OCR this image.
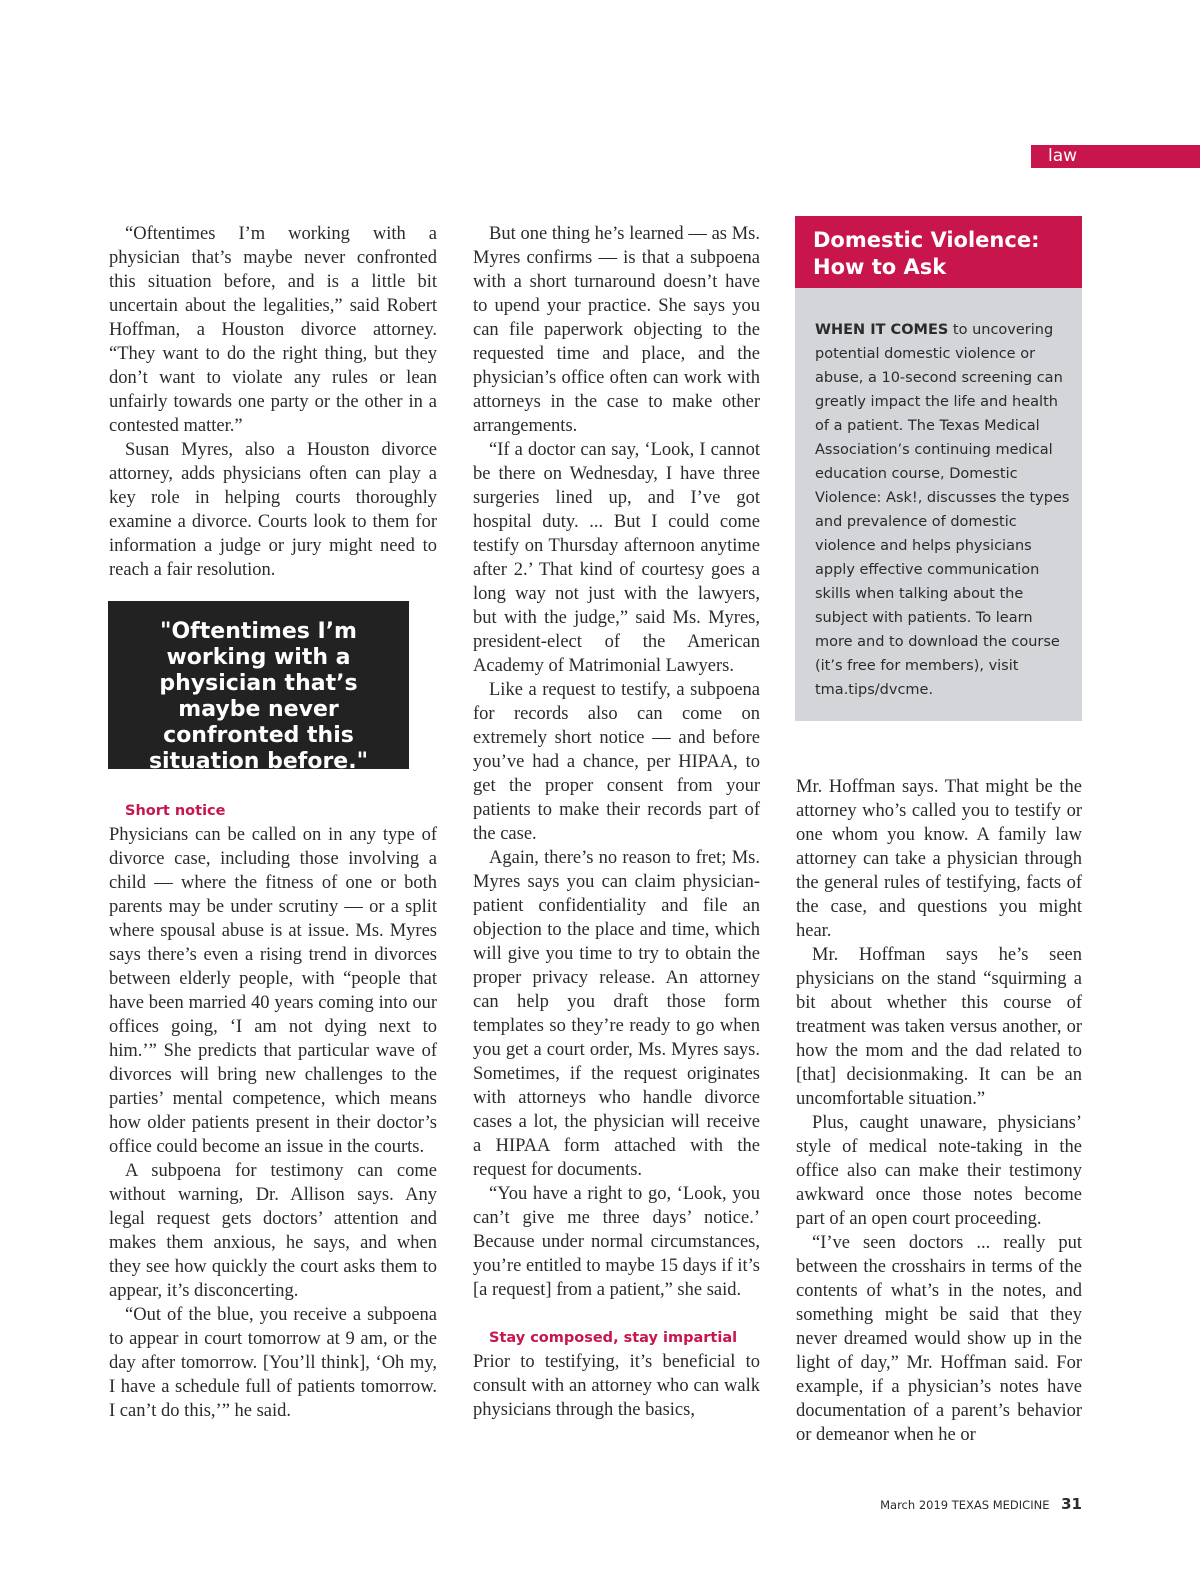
law

“Oftentimes I’m working with a physician that’s maybe never confronted this situation before, and is a little bit uncertain about the legalities,” said Robert Hoffman, a Houston divorce attorney. “They want to do the right thing, but they don’t want to violate any rules or lean unfairly towards one party or the other in a contested matter.”

Susan Myres, also a Houston divorce attorney, adds physicians often can play a key role in helping courts thoroughly examine a divorce. Courts look to them for information a judge or jury might need to reach a fair resolution.

"Oftentimes I’m working with a physician that’s maybe never confronted this situation before."

Short notice

Physicians can be called on in any type of divorce case, including those involving a child — where the fitness of one or both parents may be under scrutiny — or a split where spousal abuse is at issue. Ms. Myres says there’s even a rising trend in divorces between elderly people, with “people that have been married 40 years coming into our offices going, ‘I am not dying next to him.’” She predicts that particular wave of divorces will bring new challenges to the parties’ mental competence, which means how older patients present in their doctor’s office could become an issue in the courts.

A subpoena for testimony can come without warning, Dr. Allison says. Any legal request gets doctors’ attention and makes them anxious, he says, and when they see how quickly the court asks them to appear, it’s disconcerting.

“Out of the blue, you receive a subpoena to appear in court tomorrow at 9 am, or the day after tomorrow. [You’ll think], ‘Oh my, I have a schedule full of patients tomorrow. I can’t do this,’” he said.

But one thing he’s learned — as Ms. Myres confirms — is that a subpoena with a short turnaround doesn’t have to upend your practice. She says you can file paperwork objecting to the requested time and place, and the physician’s office often can work with attorneys in the case to make other arrangements.

“If a doctor can say, ‘Look, I cannot be there on Wednesday, I have three surgeries lined up, and I’ve got hospital duty. ... But I could come testify on Thursday afternoon anytime after 2.’ That kind of courtesy goes a long way not just with the lawyers, but with the judge,” said Ms. Myres, president-elect of the American Academy of Matrimonial Lawyers.

Like a request to testify, a subpoena for records also can come on extremely short notice — and before you’ve had a chance, per HIPAA, to get the proper consent from your patients to make their records part of the case.

Again, there’s no reason to fret; Ms. Myres says you can claim physician-patient confidentiality and file an objection to the place and time, which will give you time to try to obtain the proper privacy release. An attorney can help you draft those form templates so they’re ready to go when you get a court order, Ms. Myres says. Sometimes, if the request originates with attorneys who handle divorce cases a lot, the physician will receive a HIPAA form attached with the request for documents.

“You have a right to go, ‘Look, you can’t give me three days’ notice.’ Because under normal circumstances, you’re entitled to maybe 15 days if it’s [a request] from a patient,” she said.

Stay composed, stay impartial

Prior to testifying, it’s beneficial to consult with an attorney who can walk physicians through the basics,

Domestic Violence: How to Ask
WHEN IT COMES to uncovering potential domestic violence or abuse, a 10-second screening can greatly impact the life and health of a patient. The Texas Medical Association’s continuing medical education course, Domestic Violence: Ask!, discusses the types and prevalence of domestic violence and helps physicians apply effective communication skills when talking about the subject with patients. To learn more and to download the course (it’s free for members), visit tma.tips/dvcme.

Mr. Hoffman says. That might be the attorney who’s called you to testify or one whom you know. A family law attorney can take a physician through the general rules of testifying, facts of the case, and questions you might hear.

Mr. Hoffman says he’s seen physicians on the stand “squirming a bit about whether this course of treatment was taken versus another, or how the mom and the dad related to [that] decisionmaking. It can be an uncomfortable situation.”

Plus, caught unaware, physicians’ style of medical note-taking in the office also can make their testimony awkward once those notes become part of an open court proceeding.

“I’ve seen doctors ... really put between the crosshairs in terms of the contents of what’s in the notes, and something might be said that they never dreamed would show up in the light of day,” Mr. Hoffman said. For example, if a physician’s notes have documentation of a parent’s behavior or demeanor when he or

March 2019 TEXAS MEDICINE 31
